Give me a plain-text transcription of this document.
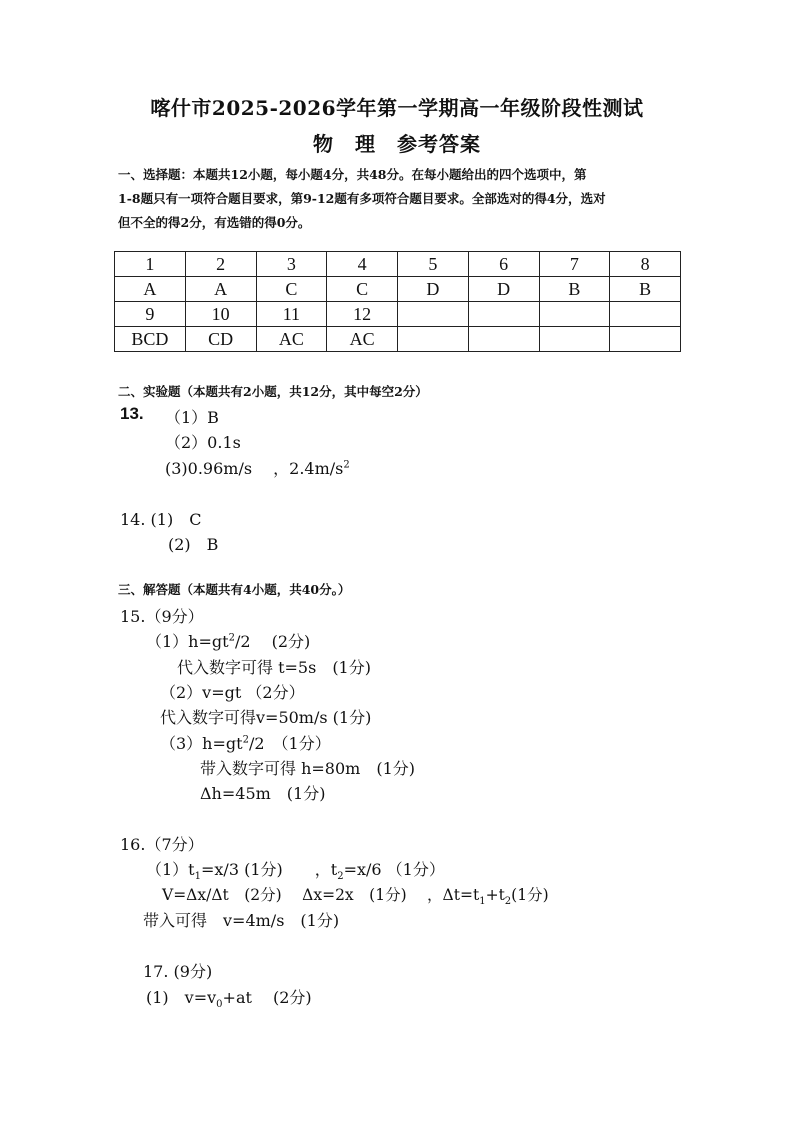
喀什市2025-2026学年第一学期高一年级阶段性测试
物　理　参考答案
一、选择题：本题共12小题，每小题4分，共48分。在每小题给出的四个选项中，第
1-8题只有一项符合题目要求，第9-12题有多项符合题目要求。全部选对的得4分，选对
但不全的得2分，有选错的得0分。
1	2	3	4	5	6	7	8
A	A	C	C	D	D	B	B
9	10	11	12				
BCD	CD	AC	AC				
二、实验题（本题共有2小题，共12分，其中每空2分）
13. （1）B
（2）0.1s
(3)0.96m/s　 ，$2.4m/s^2$
14. (1)　C
(2)　B
三、解答题（本题共有4小题，共40分。）
15.（9分）
$(1)h=gt^2/2$　 (2分)
代入数字可得 t=5s　(1分)
（2）v=gt （2分）
代入数字可得v=50m/s (1分)
$(3)h=gt^2/2$　（1分）
带入数字可得 h=80m　(1分)
Δh=45m　(1分)
16.（7分）
$(1)t_1=x/3$ (1分)　　，$t_2=x/6$ （1分）
V=Δx/Δt　(2分)　 Δx=2x　(1分)　 ，$\Delta t=t_1+t_2(1$分)
带入可得　v=4m/s　(1分)
17. (9分)
(1)　$v=v_0+at$　 (2分)
